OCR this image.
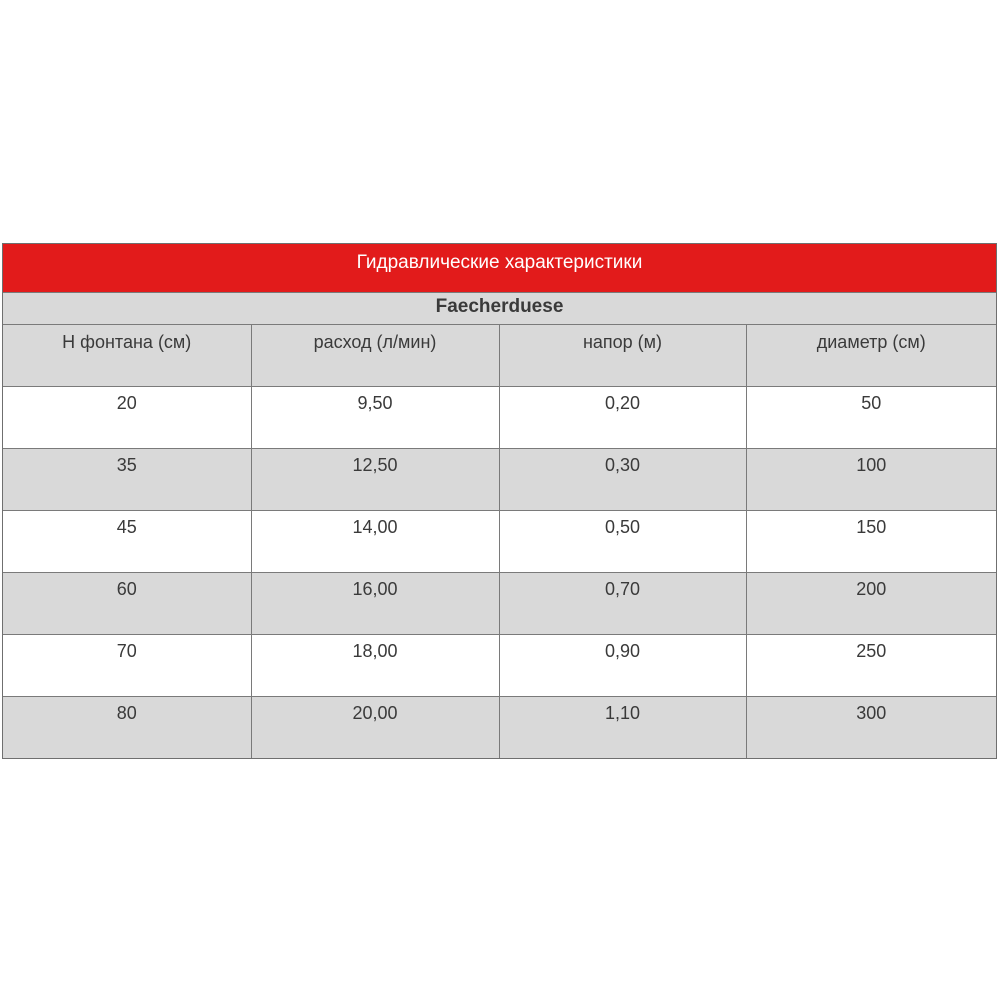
Гидравлические характеристики
Faecherduese
Н фонтана (см)	расход (л/мин)	напор (м)	диаметр (см)
20	9,50	0,20	50
35	12,50	0,30	100
45	14,00	0,50	150
60	16,00	0,70	200
70	18,00	0,90	250
80	20,00	1,10	300
